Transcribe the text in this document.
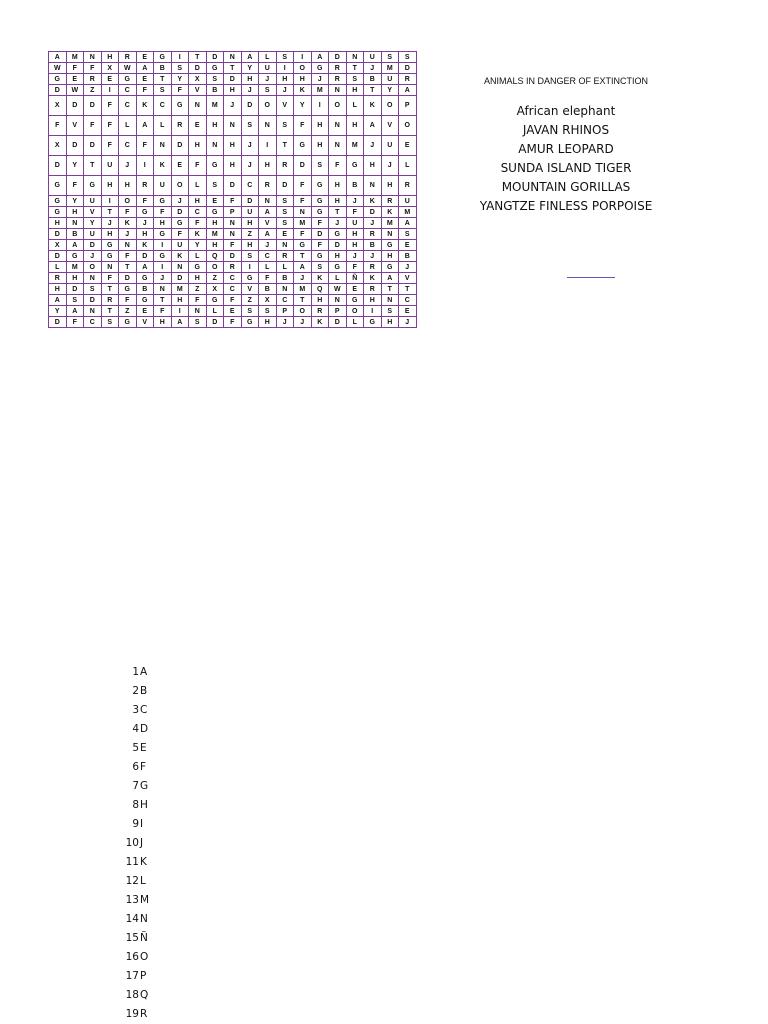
A	M	N	H	R	E	G	I	T	D	N	A	L	S	I	A	D	N	U	S	S
W	F	F	X	W	A	B	S	D	G	T	Y	U	I	O	G	R	T	J	M	D
G	E	R	E	G	E	T	Y	X	S	D	H	J	H	H	J	R	S	B	U	R
D	W	Z	I	C	F	S	F	V	B	H	J	S	J	K	M	N	H	T	Y	A
X	D	D	F	C	K	C	G	N	M	J	D	O	V	Y	I	O	L	K	O	P
F	V	F	F	L	A	L	R	E	H	N	S	N	S	F	H	N	H	A	V	O
X	D	D	F	C	F	N	D	H	N	H	J	I	T	G	H	N	M	J	U	E
D	Y	T	U	J	I	K	E	F	G	H	J	H	R	D	S	F	G	H	J	L
G	F	G	H	H	R	U	O	L	S	D	C	R	D	F	G	H	B	N	H	R
G	Y	U	I	O	F	G	J	H	E	F	D	N	S	F	G	H	J	K	R	U
G	H	V	T	F	G	F	D	C	G	P	U	A	S	N	G	T	F	D	K	M
H	N	Y	J	K	J	H	G	F	H	N	H	V	S	M	F	J	U	J	M	A
D	B	U	H	J	H	G	F	K	M	N	Z	A	E	F	D	G	H	R	N	S
X	A	D	G	N	K	I	U	Y	H	F	H	J	N	G	F	D	H	B	G	E
D	G	J	G	F	D	G	K	L	Q	D	S	C	R	T	G	H	J	J	H	B
L	M	O	N	T	A	I	N	G	O	R	I	L	L	A	S	G	F	R	G	J
R	H	N	F	D	G	J	D	H	Z	C	G	F	B	J	K	L	Ñ	K	A	V
H	D	S	T	G	B	N	M	Z	X	C	V	B	N	M	Q	W	E	R	T	T
A	S	D	R	F	G	T	H	F	G	F	Z	X	C	T	H	N	G	H	N	C
Y	A	N	T	Z	E	F	I	N	L	E	S	S	P	O	R	P	O	I	S	E
D	F	C	S	G	V	H	A	S	D	F	G	H	J	J	K	D	L	G	H	J
ANIMALS IN DANGER OF EXTINCTION
African elephant
JAVAN RHINOS
AMUR LEOPARD
SUNDA ISLAND TIGER
MOUNTAIN GORILLAS
YANGTZE FINLESS PORPOISE
1A
2B
3C
4D
5E
6F
7G
8H
9I
10J
11K
12L
13M
14N
15Ñ
16O
17P
18Q
19R
